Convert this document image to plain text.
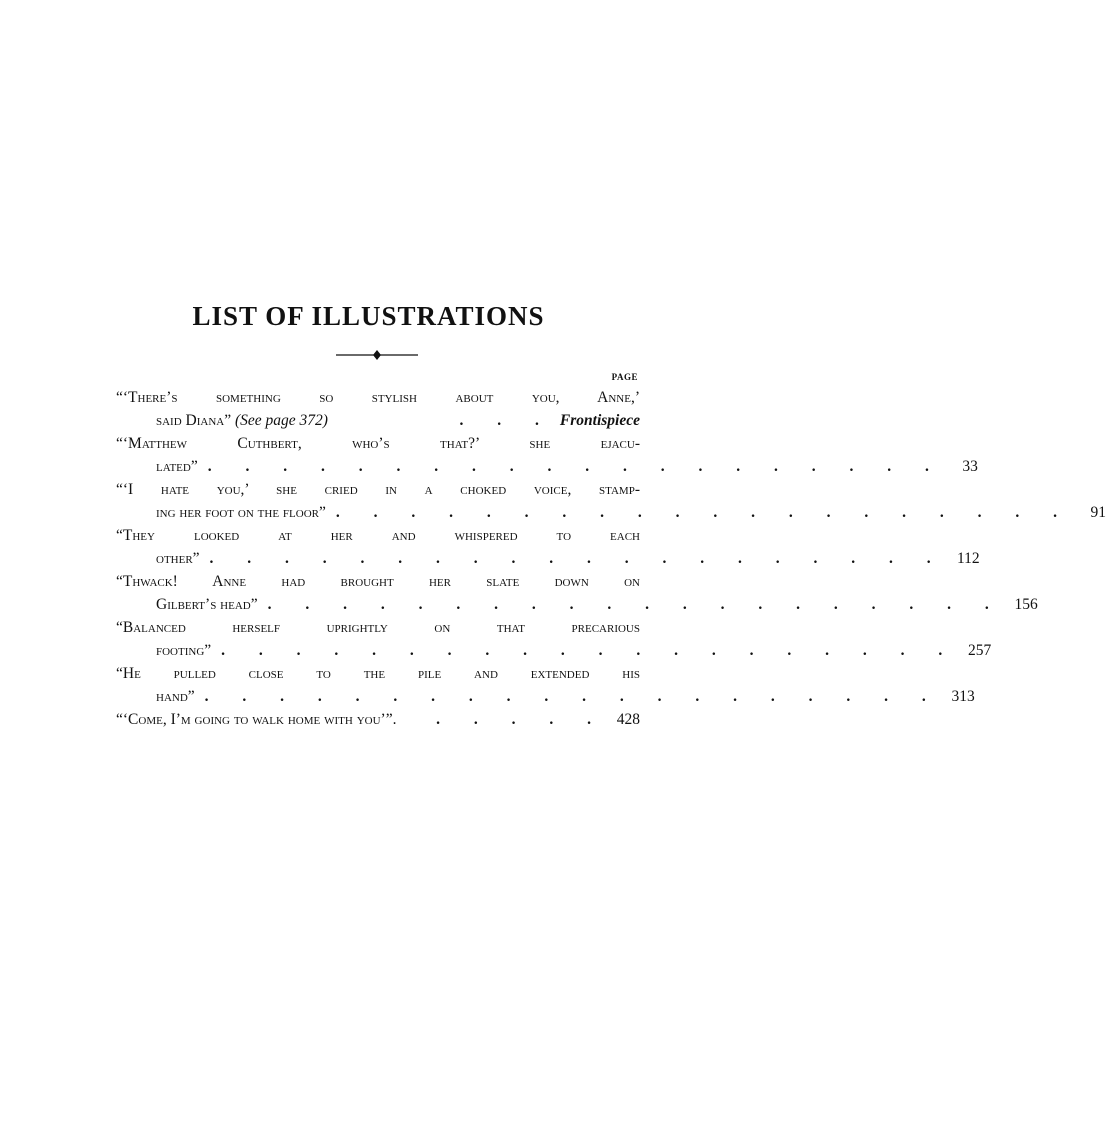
LIST OF ILLUSTRATIONS
PAGE
“‘There’s something so stylish about you, Anne,’
said Diana” (See page 372)	. . . Frontispiece
“‘Matthew Cuthbert, who’s that?’ she ejacu-
lated” . . . . . . . . . . . . . . . . . . . .	33
“‘I hate you,’ she cried in a choked voice, stamp-
ing her foot on the floor” . . . . . . . . . . . . . . . . . . . .	91
“They looked at her and whispered to each
other” . . . . . . . . . . . . . . . . . . . . 112
“Thwack! Anne had brought her slate down on
Gilbert’s head” . . . . . . . . . . . . . . . . . . . . 156
“Balanced herself uprightly on that precarious
footing” . . . . . . . . . . . . . . . . . . . . 257
“He pulled close to the pile and extended his
hand” . . . . . . . . . . . . . . . . . . . . 313
“‘Come, I’m going to walk home with you’”.	. . . . . 428
